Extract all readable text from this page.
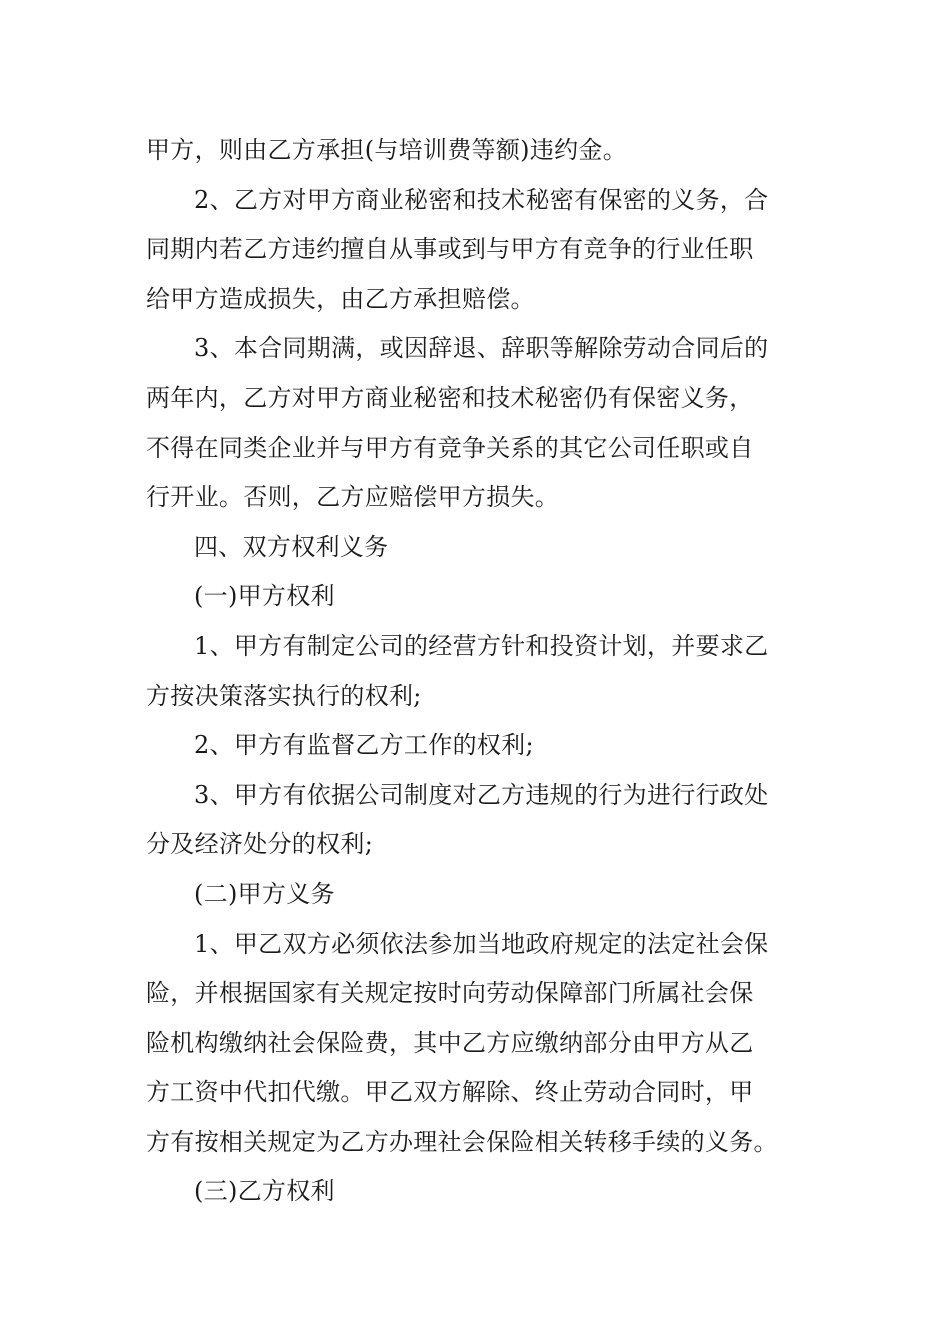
甲方，则由乙方承担(与培训费等额)违约金。
2、乙方对甲方商业秘密和技术秘密有保密的义务，合
同期内若乙方违约擅自从事或到与甲方有竞争的行业任职
给甲方造成损失，由乙方承担赔偿。
3、本合同期满，或因辞退、辞职等解除劳动合同后的
两年内，乙方对甲方商业秘密和技术秘密仍有保密义务，
不得在同类企业并与甲方有竞争关系的其它公司任职或自
行开业。否则，乙方应赔偿甲方损失。
四、双方权利义务
(一)甲方权利
1、甲方有制定公司的经营方针和投资计划，并要求乙
方按决策落实执行的权利;
2、甲方有监督乙方工作的权利;
3、甲方有依据公司制度对乙方违规的行为进行行政处
分及经济处分的权利;
(二)甲方义务
1、甲乙双方必须依法参加当地政府规定的法定社会保
险，并根据国家有关规定按时向劳动保障部门所属社会保
险机构缴纳社会保险费，其中乙方应缴纳部分由甲方从乙
方工资中代扣代缴。甲乙双方解除、终止劳动合同时，甲
方有按相关规定为乙方办理社会保险相关转移手续的义务。
(三)乙方权利
